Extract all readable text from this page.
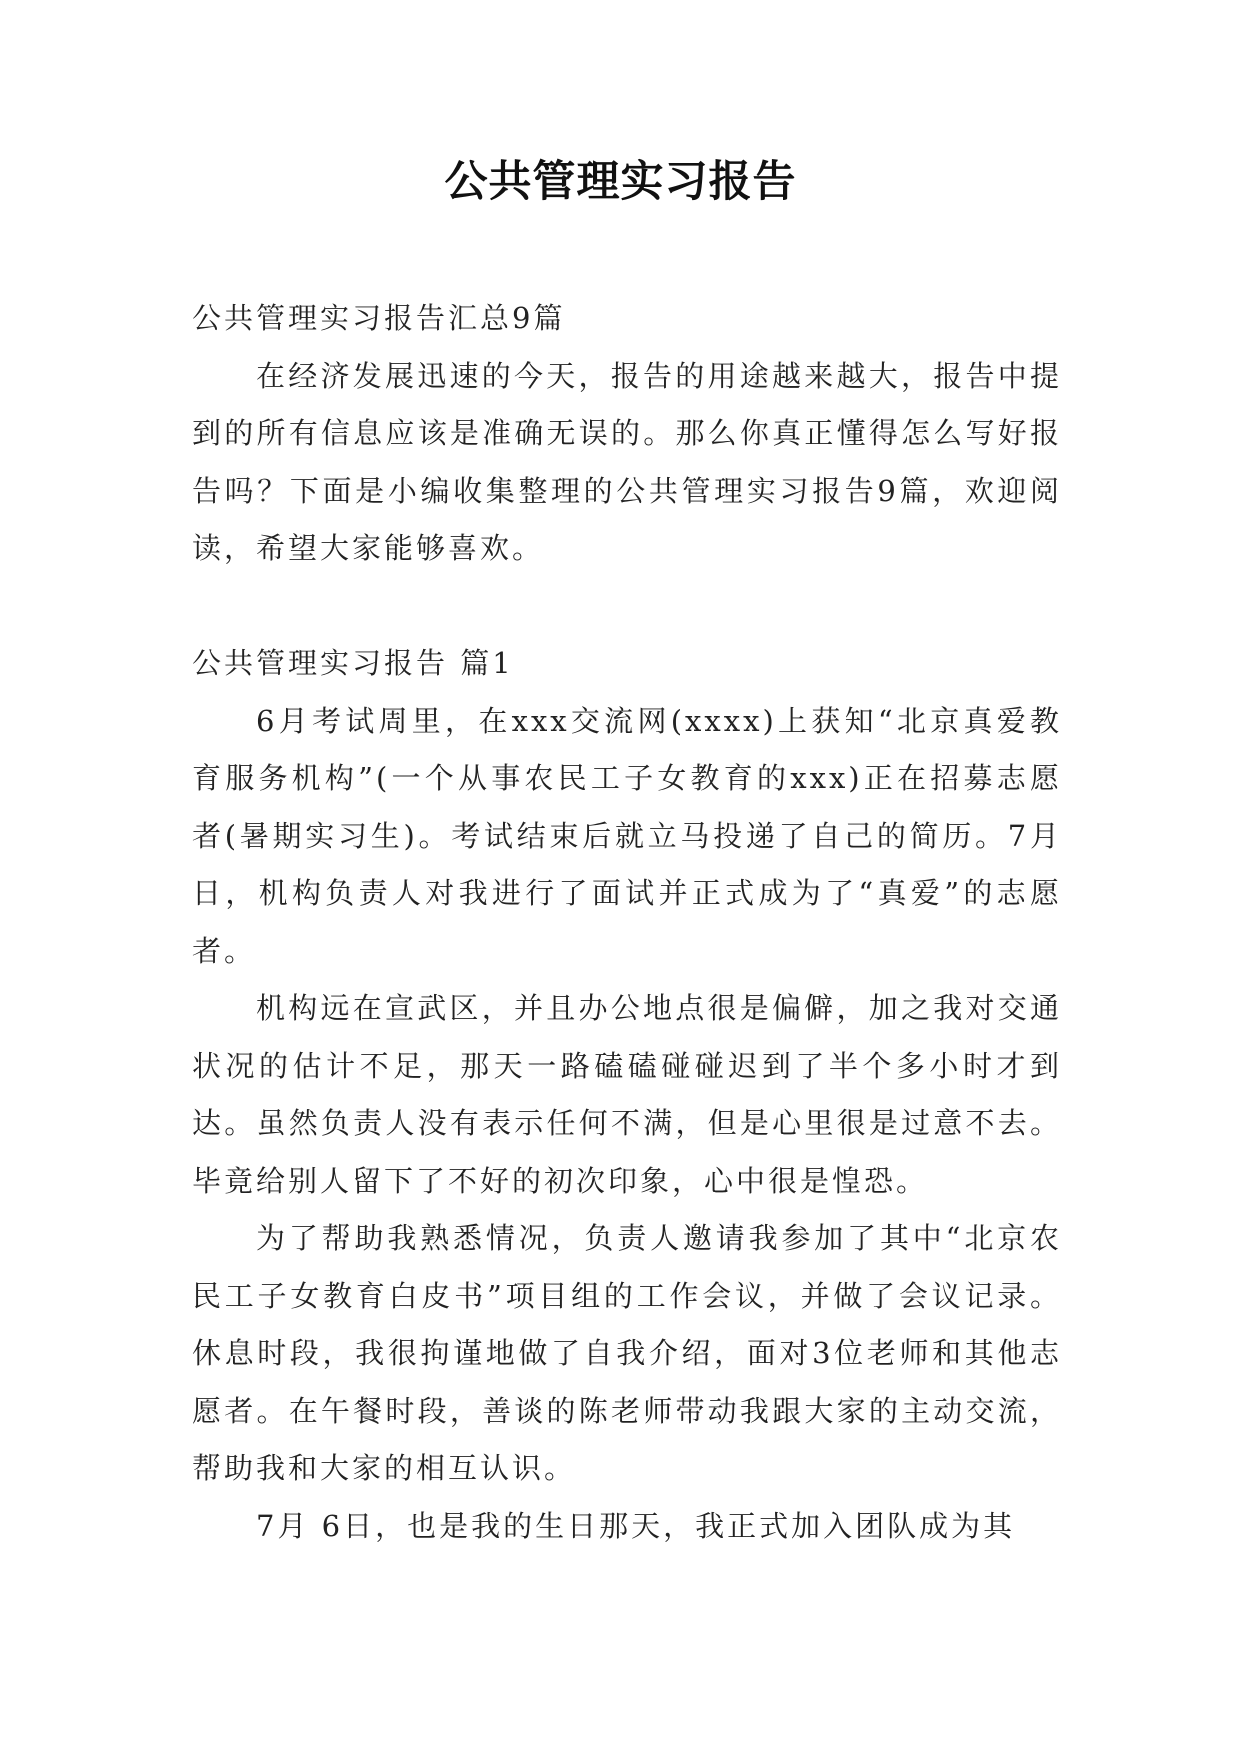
公共管理实习报告

公共管理实习报告汇总9篇

在经济发展迅速的今天，报告的用途越来越大，报告中提到的所有信息应该是准确无误的。那么你真正懂得怎么写好报告吗？下面是小编收集整理的公共管理实习报告9篇，欢迎阅读，希望大家能够喜欢。

公共管理实习报告 篇1

6月考试周里，在xxx交流网(xxxx)上获知“北京真爱教育服务机构”(一个从事农民工子女教育的xxx)正在招募志愿者(暑期实习生)。考试结束后就立马投递了自己的简历。7月　日，机构负责人对我进行了面试并正式成为了“真爱”的志愿者。

机构远在宣武区，并且办公地点很是偏僻，加之我对交通状况的估计不足，那天一路磕磕碰碰迟到了半个多小时才到达。虽然负责人没有表示任何不满，但是心里很是过意不去。毕竟给别人留下了不好的初次印象，心中很是惶恐。

为了帮助我熟悉情况，负责人邀请我参加了其中“北京农民工子女教育白皮书”项目组的工作会议，并做了会议记录。休息时段，我很拘谨地做了自我介绍，面对3位老师和其他志愿者。在午餐时段，善谈的陈老师带动我跟大家的主动交流，帮助我和大家的相互认识。

7月 6日，也是我的生日那天，我正式加入团队成为其
